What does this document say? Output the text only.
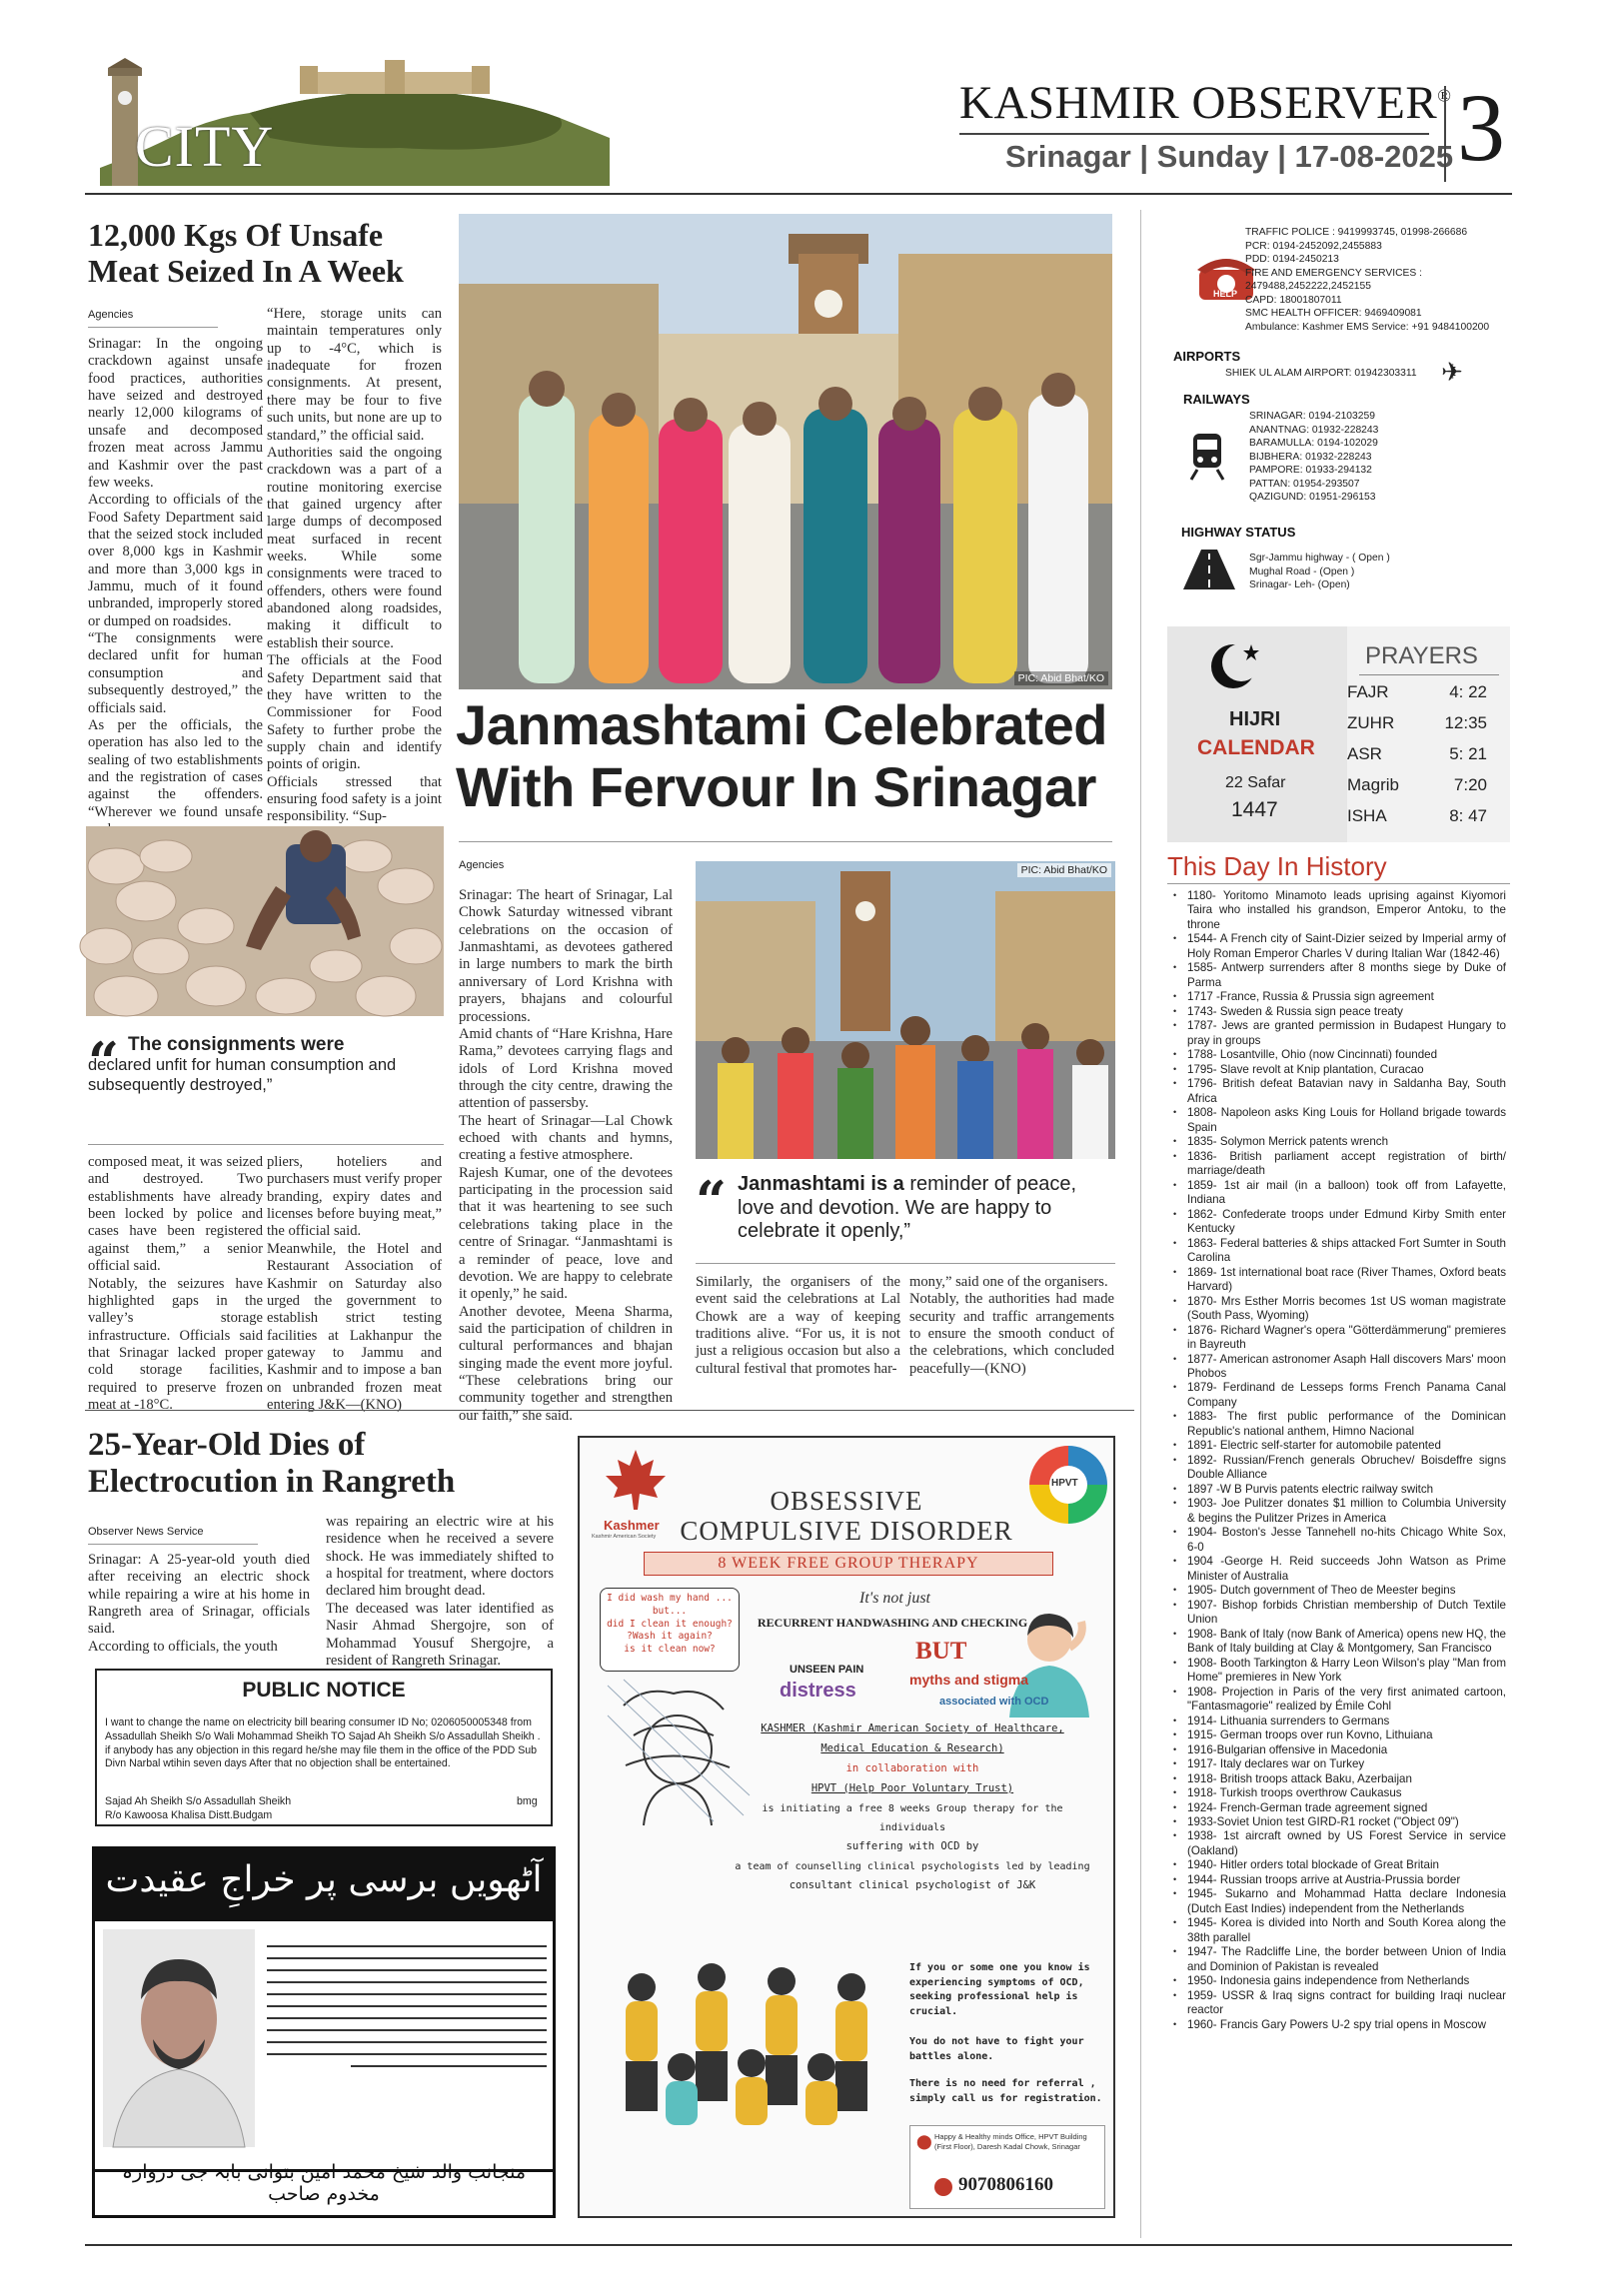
CITY
KASHMIR OBSERVER®
Srinagar | Sunday | 17-08-2025 3
12,000 Kgs Of Unsafe Meat Seized In A Week
Agencies
Srinagar: In the ongoing crackdown against unsafe food practices, authorities have seized and destroyed nearly 12,000 kilograms of unsafe and decomposed frozen meat across Jammu and Kashmir over the past few weeks.
According to officials of the Food Safety Department said that the seized stock included over 8,000 kgs in Kashmir and more than 3,000 kgs in Jammu, much of it found unbranded, improperly stored or dumped on roadsides.
“The consignments were declared unfit for human consumption and subsequently destroyed,” the officials said.
As per the officials, the operation has also led to the sealing of two establishments and the registration of cases against the offenders. “Wherever we found unsafe
“Here, storage units can maintain temperatures only up to -4°C, which is inadequate for frozen consignments. At present, there may be four to five such units, but none are up to standard,” the official said.
Authorities said the ongoing crackdown was a part of a routine monitoring exercise that gained urgency after large dumps of decomposed meat surfaced in recent weeks. While some consignments were traced to offenders, others were found abandoned along roadsides, making it difficult to establish their source.
The officials at the Food Safety Department said that they have written to the Commissioner for Food Safety to further probe the supply chain and identify points of origin.
Officials stressed that ensuring food safety is a joint responsibility. “Sup-
“ The consignments were
declared unfit for human consumption and subsequently destroyed,”
composed meat, it was seized and destroyed. Two establishments have already been locked by police and cases have been registered against them,” a senior official said.
Notably, the seizures have highlighted gaps in the valley’s storage infrastructure. Officials said that Srinagar lacked proper cold storage facilities, required to preserve frozen meat at -18°C.
pliers, hoteliers and purchasers must verify proper branding, expiry dates and licenses before buying meat,” the official said.
Meanwhile, the Hotel and Restaurant Association of Kashmir on Saturday also urged the government to establish strict testing facilities at Lakhanpur the gateway to Jammu and Kashmir and to impose a ban on unbranded frozen meat entering J&K—(KNO)
PIC: Abid Bhat/KO
Janmashtami Celebrated With Fervour In Srinagar
Agencies
Srinagar: The heart of Srinagar, Lal Chowk Saturday witnessed vibrant celebrations on the occasion of Janmashtami, as devotees gathered in large numbers to mark the birth anniversary of Lord Krishna with prayers, bhajans and colourful processions.
Amid chants of “Hare Krishna, Hare Rama,” devotees carrying flags and idols of Lord Krishna moved through the city centre, drawing the attention of passersby.
The heart of Srinagar—Lal Chowk echoed with chants and hymns, creating a festive atmosphere.
Rajesh Kumar, one of the devotees participating in the procession said that it was heartening to see such celebrations taking place in the centre of Srinagar. “Janmashtami is a reminder of peace, love and devotion. We are happy to celebrate it openly,” he said.
Another devotee, Meena Sharma, said the participation of children in cultural performances and bhajan singing made the event more joyful. “These celebrations bring our community together and strengthen our faith,” she said.
PIC: Abid Bhat/KO
“ Janmashtami is a reminder of peace, love and devotion. We are happy to celebrate it openly,”
Similarly, the organisers of the event said the celebrations at Lal Chowk are a way of keeping traditions alive. “For us, it is not just a religious occasion but also a cultural festival that promotes har-
mony,” said one of the organisers.
Notably, the authorities had made security and traffic arrangements to ensure the smooth conduct of the celebrations, which concluded peacefully—(KNO)
HELP
TRAFFIC POLICE : 9419993745, 01998-266686
PCR: 0194-2452092,2455883
PDD: 0194-2450213
FIRE AND EMERGENCY SERVICES :
2479488,2452222,2452155
CAPD: 18001807011
SMC HEALTH OFFICER: 9469409081
Ambulance: Kashmer EMS Service: +91 9484100200
AIRPORTS
SHIEK UL ALAM AIRPORT: 01942303311 ✈
RAILWAYS
SRINAGAR: 0194-2103259
ANANTNAG: 01932-228243
BARAMULLA: 0194-102029
BIJBHERA: 01932-228243
PAMPORE: 01933-294132
PATTAN: 01954-293507
QAZIGUND: 01951-296153
HIGHWAY STATUS
Sgr-Jammu highway - ( Open )
Mughal Road - (Open )
Srinagar- Leh- (Open)
HIJRI
CALENDAR
22 Safar
1447
PRAYERS
FAJR	4: 22
ZUHR	12:35
ASR	5: 21
Magrib	7:20
ISHA	8: 47
This Day In History
• 1180- Yoritomo Minamoto leads uprising against Kiyomori Taira who installed his grandson, Emperor Antoku, to the throne
• 1544- A French city of Saint-Dizier seized by Imperial army of Holy Roman Emperor Charles V during Italian War (1842-46)
• 1585- Antwerp surrenders after 8 months siege by Duke of Parma
• 1717 -France, Russia & Prussia sign agreement
• 1743- Sweden & Russia sign peace treaty
• 1787- Jews are granted permission in Budapest Hungary to pray in groups
• 1788- Losantville, Ohio (now Cincinnati) founded
• 1795- Slave revolt at Knip plantation, Curacao
• 1796- British defeat Batavian navy in Saldanha Bay, South Africa
• 1808- Napoleon asks King Louis for Holland brigade towards Spain
• 1835- Solymon Merrick patents wrench
• 1836- British parliament accept registration of birth/ marriage/death
• 1859- 1st air mail (in a balloon) took off from Lafayette, Indiana
• 1862- Confederate troops under Edmund Kirby Smith enter Kentucky
• 1863- Federal batteries & ships attacked Fort Sumter in South Carolina
• 1869- 1st international boat race (River Thames, Oxford beats Harvard)
• 1870- Mrs Esther Morris becomes 1st US woman magistrate (South Pass, Wyoming)
• 1876- Richard Wagner's opera "Götterdämmerung" premieres in Bayreuth
• 1877- American astronomer Asaph Hall discovers Mars' moon Phobos
• 1879- Ferdinand de Lesseps forms French Panama Canal Company
• 1883- The first public performance of the Dominican Republic's national anthem, Himno Nacional
• 1891- Electric self-starter for automobile patented
• 1892- Russian/French generals Obruchev/ Boisdeffre signs Double Alliance
• 1897 -W B Purvis patents electric railway switch
• 1903- Joe Pulitzer donates $1 million to Columbia University & begins the Pulitzer Prizes in America
• 1904- Boston's Jesse Tannehell no-hits Chicago White Sox, 6-0
• 1904 -George H. Reid succeeds John Watson as Prime Minister of Australia
• 1905- Dutch government of Theo de Meester begins
• 1907- Bishop forbids Christian membership of Dutch Textile Union
• 1908- Bank of Italy (now Bank of America) opens new HQ, the Bank of Italy building at Clay & Montgomery, San Francisco
• 1908- Booth Tarkington & Harry Leon Wilson's play "Man from Home" premieres in New York
• 1908- Projection in Paris of the very first animated cartoon, "Fantasmagorie" realized by Émile Cohl
• 1914- Lithuania surrenders to Germans
• 1915- German troops over run Kovno, Lithuiana
• 1916-Bulgarian offensive in Macedonia
• 1917- Italy declares war on Turkey
• 1918- British troops attack Baku, Azerbaijan
• 1918- Turkish troops overthrow Caukasus
• 1924- French-German trade agreement signed
• 1933-Soviet Union test GIRD-R1 rocket ("Object 09")
• 1938- 1st aircraft owned by US Forest Service in service (Oakland)
• 1940- Hitler orders total blockade of Great Britain
• 1944- Russian troops arrive at Austria-Prussia border
• 1945- Sukarno and Mohammad Hatta declare Indonesia (Dutch East Indies) independent from the Netherlands
• 1945- Korea is divided into North and South Korea along the 38th parallel
• 1947- The Radcliffe Line, the border between Union of India and Dominion of Pakistan is revealed
• 1950- Indonesia gains independence from Netherlands
• 1959- USSR & Iraq signs contract for building Iraqi nuclear reactor
• 1960- Francis Gary Powers U-2 spy trial opens in Moscow
25-Year-Old Dies of Electrocution in Rangreth
Observer News Service
Srinagar: A 25-year-old youth died after receiving an electric shock while repairing a wire at his home in Rangreth area of Srinagar, officials said.
According to officials, the youth
was repairing an electric wire at his residence when he received a severe shock. He was immediately shifted to a hospital for treatment, where doctors declared him brought dead.
The deceased was later identified as Nasir Ahmad Shergojre, son of Mohammad Yousuf Shergojre, a resident of Rangreth Srinagar.
PUBLIC NOTICE
I want to change the name on electricity bill bearing consumer ID No; 0206050005348 from Assadullah Sheikh S/o Wali Mohammad Sheikh TO Sajad Ah Sheikh S/o Assadullah Sheikh . if anybody has any objection in this regard he/she may file them in the office of the PDD Sub Divn Narbal wtihin seven days After that no objection shall be entertained.
Sajad Ah Sheikh S/o Assadullah Sheikh
R/o Kawoosa Khalisa Distt.Budgam
bmg
آٹھویں برسی پر خراجِ عقیدت
منجانب والد شیخ محمد امین بتوانی بابہ جی دروازہ مخدوم صاحب
Kashmer
Kashmir American Society
HPVT
OBSESSIVE
COMPULSIVE DISORDER
8 WEEK FREE GROUP THERAPY
I did wash my hand ...
but...
did I clean it enough?
?Wash it again?
is it clean now?
It's not just
RECURRENT HANDWASHING AND CHECKING
BUT
UNSEEN PAIN
distress	myths and stigma
associated with OCD
KASHMER (Kashmir American Society of Healthcare,
Medical Education & Research)
in collaboration with
HPVT (Help Poor Voluntary Trust)
is initiating a free 8 weeks Group therapy for the individuals
suffering with OCD by
a team of counselling clinical psychologists led by leading
consultant clinical psychologist of J&K
If you or some one you know is experiencing symptoms of OCD, seeking professional help is crucial.
You do not have to fight your battles alone.
There is no need for referral , simply call us for registration.
⬤ Happy & Healthy minds Office, HPVT Building (First Floor), Daresh Kadal Chowk, Srinagar
9070806160
